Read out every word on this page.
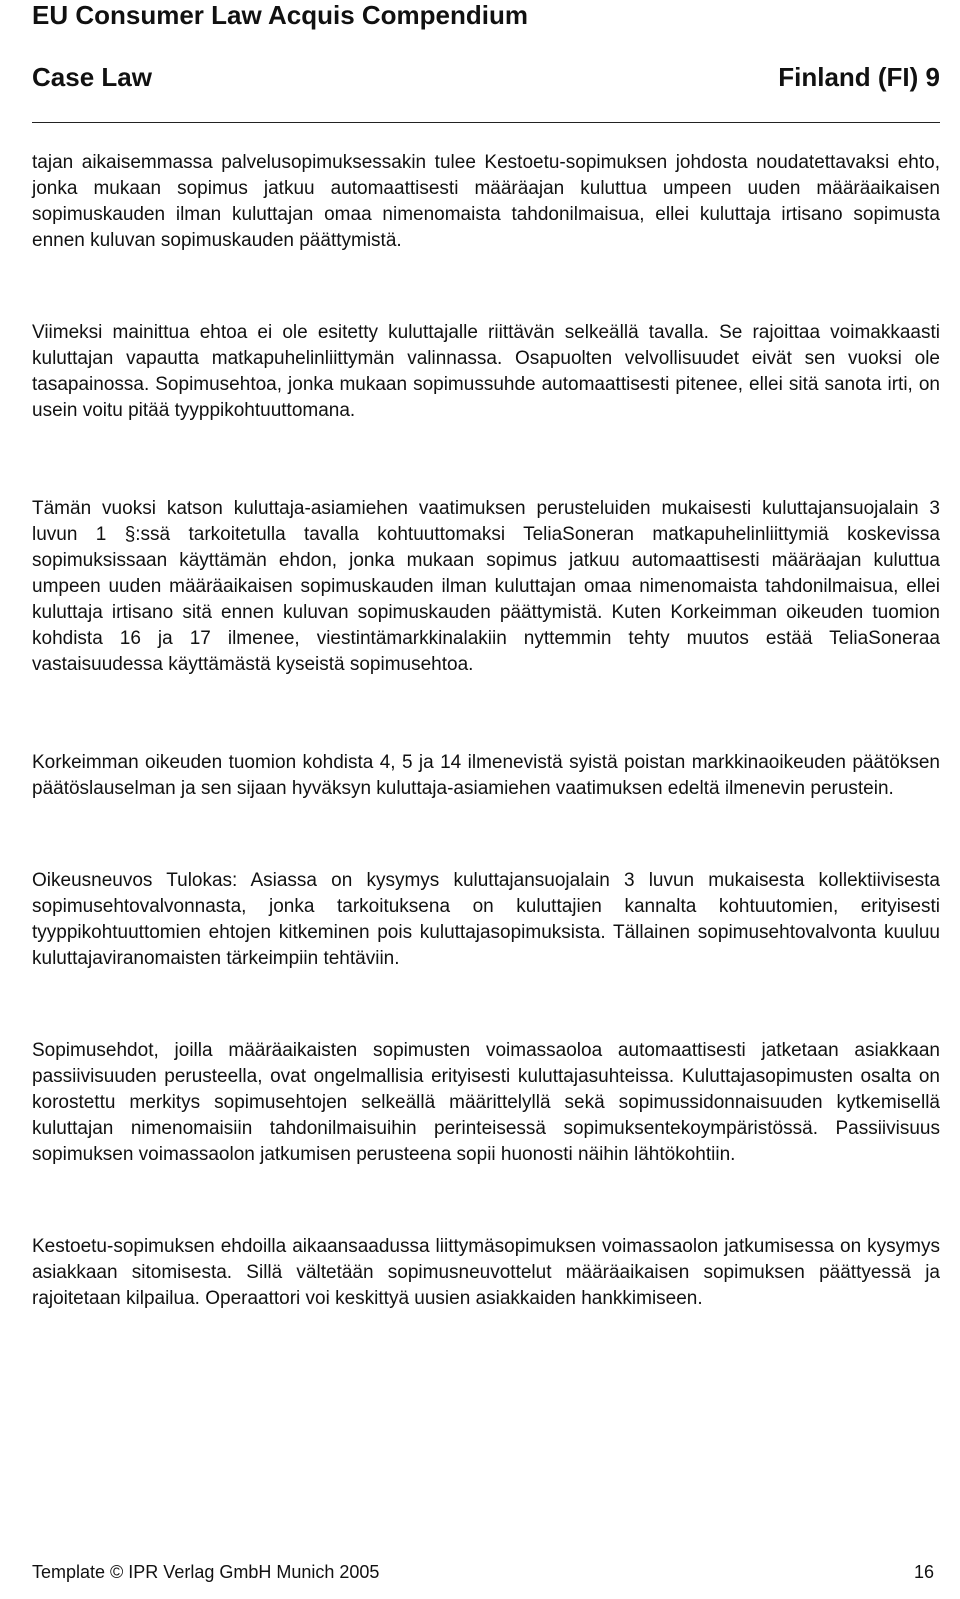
EU Consumer Law Acquis Compendium
Case Law	Finland (FI) 9

tajan aikaisemmassa palvelusopimuksessakin tulee Kestoetu-sopimuksen johdosta noudatettavaksi ehto, jonka mukaan sopimus jatkuu automaattisesti määräajan kuluttua umpeen uuden määräaikaisen sopimuskauden ilman kuluttajan omaa nimenomaista tahdonilmaisua, ellei kuluttaja irtisano sopimusta ennen kuluvan sopimuskauden päättymistä.

Viimeksi mainittua ehtoa ei ole esitetty kuluttajalle riittävän selkeällä tavalla. Se rajoittaa voimakkaasti kuluttajan vapautta matkapuhelinliittymän valinnassa. Osapuolten velvollisuudet eivät sen vuoksi ole tasapainossa. Sopimusehtoa, jonka mukaan sopimussuhde automaattisesti pitenee, ellei sitä sanota irti, on usein voitu pitää tyyppikohtuuttomana.

Tämän vuoksi katson kuluttaja-asiamiehen vaatimuksen perusteluiden mukaisesti kuluttajansuojalain 3 luvun 1 §:ssä tarkoitetulla tavalla kohtuuttomaksi TeliaSoneran matkapuhelinliittymiä koskevissa sopimuksissaan käyttämän ehdon, jonka mukaan sopimus jatkuu automaattisesti määräajan kuluttua umpeen uuden määräaikaisen sopimuskauden ilman kuluttajan omaa nimenomaista tahdonilmaisua, ellei kuluttaja irtisano sitä ennen kuluvan sopimuskauden päättymistä. Kuten Korkeimman oikeuden tuomion kohdista 16 ja 17 ilmenee, viestintämarkkinalakiin nyttemmin tehty muutos estää TeliaSoneraa vastaisuudessa käyttämästä kyseistä sopimusehtoa.

Korkeimman oikeuden tuomion kohdista 4, 5 ja 14 ilmenevistä syistä poistan markkinaoikeuden päätöksen päätöslauselman ja sen sijaan hyväksyn kuluttaja-asiamiehen vaatimuksen edeltä ilmenevin perustein.

Oikeusneuvos Tulokas: Asiassa on kysymys kuluttajansuojalain 3 luvun mukaisesta kollektiivisesta sopimusehtovalvonnasta, jonka tarkoituksena on kuluttajien kannalta kohtuutomien, erityisesti tyyppikohtuuttomien ehtojen kitkeminen pois kuluttajasopimuksista. Tällainen sopimusehtovalvonta kuuluu kuluttajaviranomaisten tärkeimpiin tehtäviin.

Sopimusehdot, joilla määräaikaisten sopimusten voimassaoloa automaattisesti jatketaan asiakkaan passiivisuuden perusteella, ovat ongelmallisia erityisesti kuluttajasuhteissa. Kuluttajasopimusten osalta on korostettu merkitys sopimusehtojen selkeällä määrittelyllä sekä sopimussidonnaisuuden kytkemisellä kuluttajan nimenomaisiin tahdonilmaisuihin perinteisessä sopimuksentekoympäristössä. Passiivisuus sopimuksen voimassaolon jatkumisen perusteena sopii huonosti näihin lähtökohtiin.

Kestoetu-sopimuksen ehdoilla aikaansaadussa liittymäsopimuksen voimassaolon jatkumisessa on kysymys asiakkaan sitomisesta. Sillä vältetään sopimusneuvottelut määräaikaisen sopimuksen päättyessä ja rajoitetaan kilpailua. Operaattori voi keskittyä uusien asiakkaiden hankkimiseen.

Template © IPR Verlag GmbH Munich 2005	16
